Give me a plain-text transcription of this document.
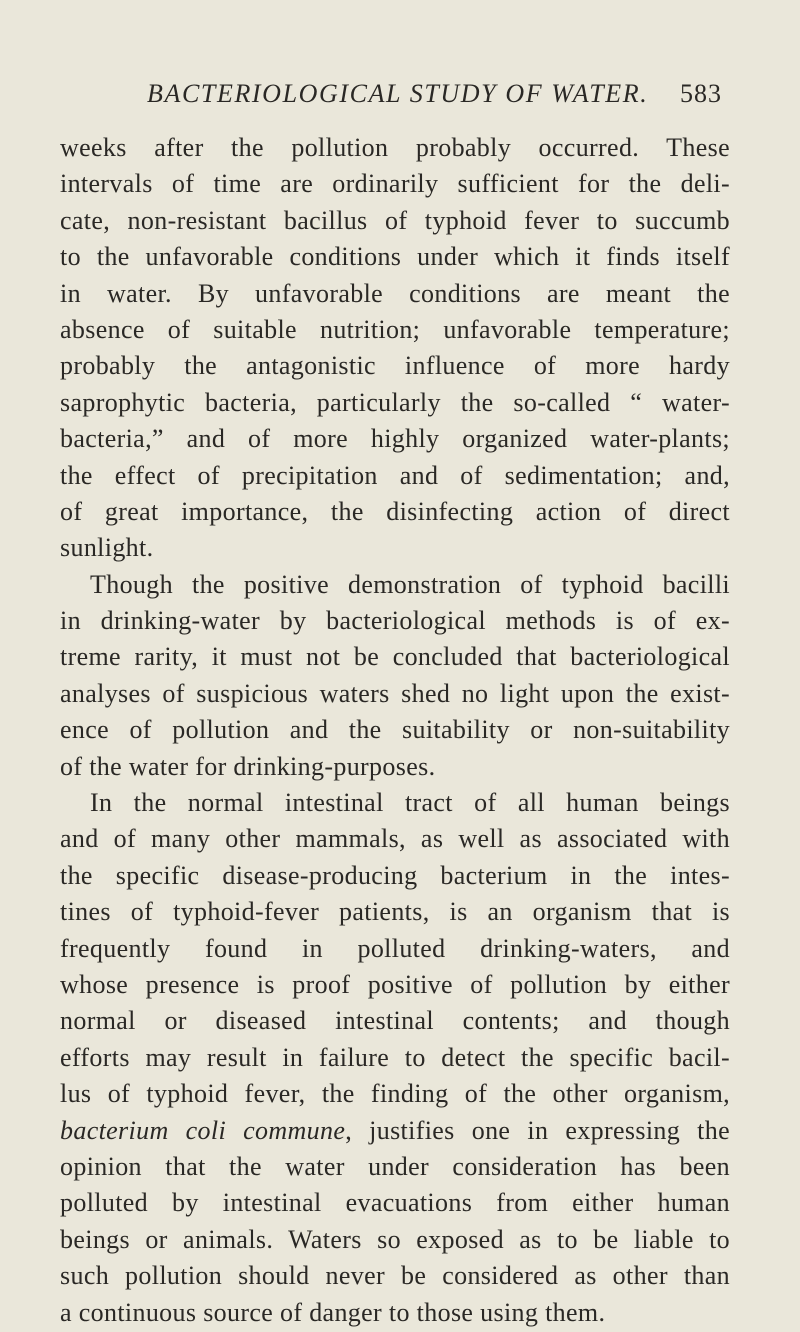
BACTERIOLOGICAL STUDY OF WATER. 583
weeks after the pollution probably occurred. These
intervals of time are ordinarily sufficient for the deli-
cate, non-resistant bacillus of typhoid fever to succumb
to the unfavorable conditions under which it finds itself
in water. By unfavorable conditions are meant the
absence of suitable nutrition; unfavorable temperature;
probably the antagonistic influence of more hardy
saprophytic bacteria, particularly the so-called “ water-
bacteria,” and of more highly organized water-plants;
the effect of precipitation and of sedimentation; and,
of great importance, the disinfecting action of direct
sunlight.
Though the positive demonstration of typhoid bacilli
in drinking-water by bacteriological methods is of ex-
treme rarity, it must not be concluded that bacteriological
analyses of suspicious waters shed no light upon the exist-
ence of pollution and the suitability or non-suitability
of the water for drinking-purposes.
In the normal intestinal tract of all human beings
and of many other mammals, as well as associated with
the specific disease-producing bacterium in the intes-
tines of typhoid-fever patients, is an organism that is
frequently found in polluted drinking-waters, and
whose presence is proof positive of pollution by either
normal or diseased intestinal contents; and though
efforts may result in failure to detect the specific bacil-
lus of typhoid fever, the finding of the other organism,
bacterium coli commune, justifies one in expressing the
opinion that the water under consideration has been
polluted by intestinal evacuations from either human
beings or animals. Waters so exposed as to be liable to
such pollution should never be considered as other than
a continuous source of danger to those using them.
